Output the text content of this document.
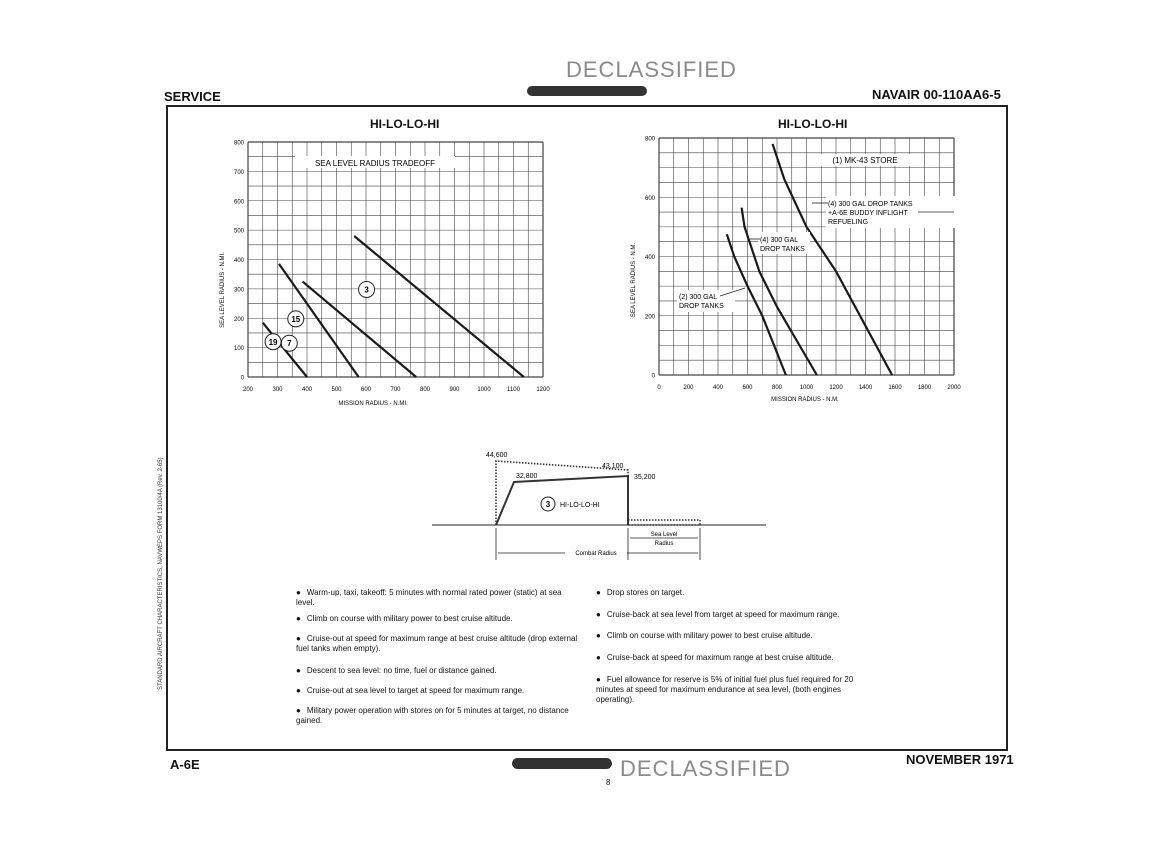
SERVICE	NAVAIR 00-110AA6-5
DECLASSIFIED
STANDARD AIRCRAFT CHARACTERISTICS, NAVWEPS FORM 13100/4A (Rev. 2-65)
HI-LO-LO-HI	HI-LO-LO-HI
SEA LEVEL RADIUS TRADEOFF
0
100
200
300
400
500
600
700
800
200	300	400	500	600	700	800	900	1000	1100	1200
MISSION RADIUS - N.MI.
SEA LEVEL RADIUS - N.MI.
19 7
15
3
(1) MK-43 STORE
(4) 300 GAL DROP TANKS
+A-6E BUDDY INFLIGHT
REFUELING
(4) 300 GAL
DROP TANKS
(2) 300 GAL
DROP TANKS
0
200
400
600
800
0	200	400	600	800	1000	1200	1400	1600	1800	2000
MISSION RADIUS - N.M.
SEA LEVEL RADIUS - N.M.
44,600
32,800
43,100
35,200
3 HI-LO-LO-HI
Sea Level
Radius
Combat Radius
● Warm-up, taxi, takeoff: 5 minutes with normal rated power (static) at sea level.
● Climb on course with military power to best cruise altitude.
● Cruise-out at speed for maximum range at best cruise altitude (drop external fuel tanks when empty).
● Descent to sea level: no time, fuel or distance gained.
● Cruise-out at sea level to target at speed for maximum range.
● Military power operation with stores on for 5 minutes at target, no distance gained.
● Drop stores on target.
● Cruise-back at sea level from target at speed for maximum range.
● Climb on course with military power to best cruise altitude.
● Cruise-back at speed for maximum range at best cruise altitude.
● Fuel allowance for reserve is 5% of initial fuel plus fuel required for 20 minutes at speed for maximum endurance at sea level, (both engines operating).
A-6E	NOVEMBER 1971
8
DECLASSIFIED
